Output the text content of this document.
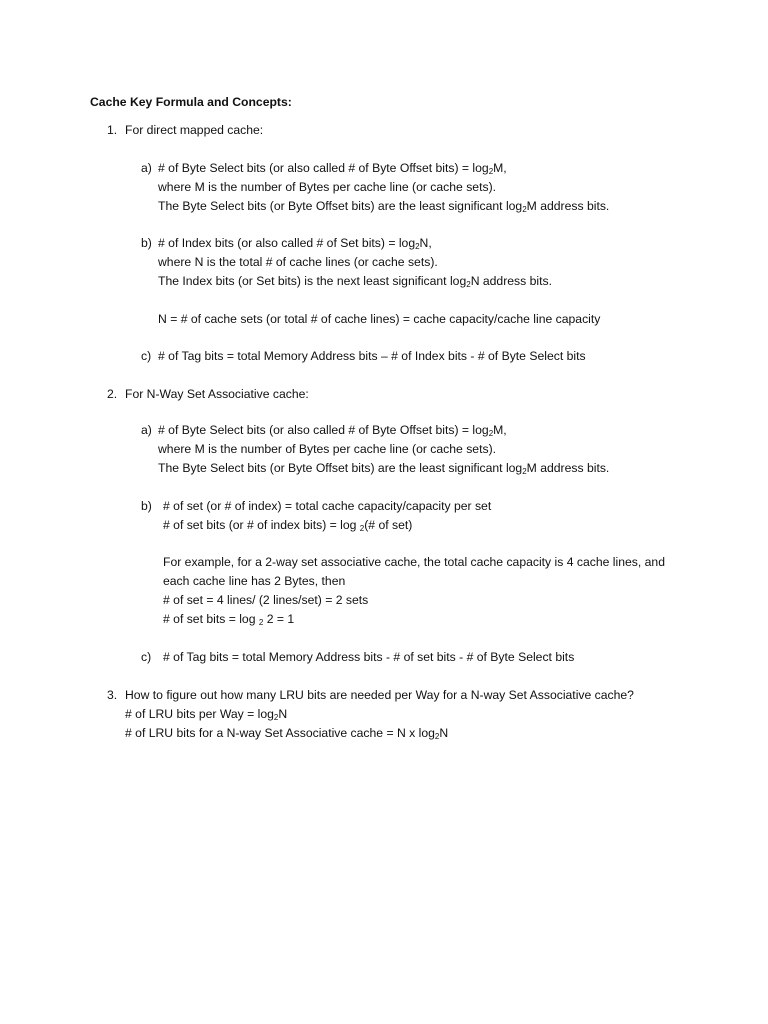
Cache Key Formula and Concepts:
1. For direct mapped cache:
a) # of Byte Select bits (or also called # of Byte Offset bits) = $\log_2M$,
where M is the number of Bytes per cache line (or cache sets).
The Byte Select bits (or Byte Offset bits) are the least significant $\log_2M$ address bits.
b) # of Index bits (or also called # of Set bits) = $\log_2N$,
where N is the total # of cache lines (or cache sets).
The Index bits (or Set bits) is the next least significant $\log_2N$ address bits.
N = # of cache sets (or total # of cache lines) = cache capacity/cache line capacity
c) # of Tag bits = total Memory Address bits – # of Index bits - # of Byte Select bits
2. For N-Way Set Associative cache:
a) # of Byte Select bits (or also called # of Byte Offset bits) = $\log_2M$,
where M is the number of Bytes per cache line (or cache sets).
The Byte Select bits (or Byte Offset bits) are the least significant $\log_2M$ address bits.
b) # of set (or # of index) = total cache capacity/capacity per set
# of set bits (or # of index bits) = log $_2$(# of set)
For example, for a 2-way set associative cache, the total cache capacity is 4 cache lines, and
each cache line has 2 Bytes, then
# of set = 4 lines/ (2 lines/set) = 2 sets
# of set bits = log $_2$ 2 = 1
c) # of Tag bits = total Memory Address bits - # of set bits - # of Byte Select bits
3. How to figure out how many LRU bits are needed per Way for a N-way Set Associative cache?
# of LRU bits per Way = $\log_2N$
# of LRU bits for a N-way Set Associative cache = N x $\log_2N$
